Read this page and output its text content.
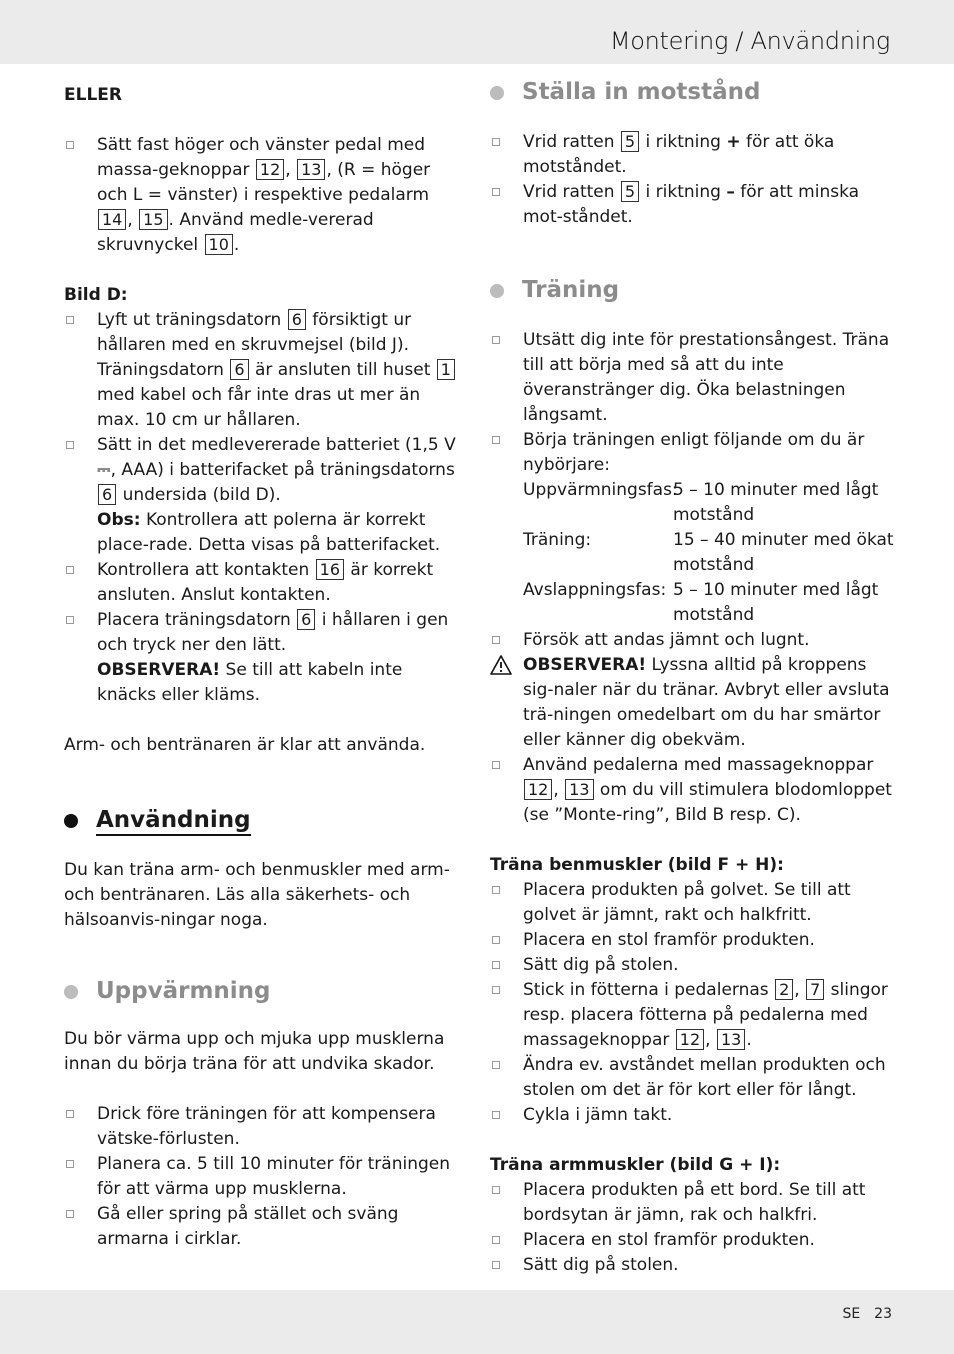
Montering / Användning
ELLER
Sätt fast höger och vänster pedal med massa-geknoppar 12 , 13 , (R = höger och L = vänster) i respektive pedalarm 14 , 15 . Använd medle-vererad skruvnyckel 10 .
Bild D:
Lyft ut träningsdatorn 6 försiktigt ur hållaren med en skruvmejsel (bild J). Träningsdatorn 6 är ansluten till huset 1 med kabel och får inte dras ut mer än max. 10 cm ur hållaren.
Sätt in det medlevererade batteriet (1,5 V ⎓, AAA) i batterifacket på träningsdatorns 6 undersida (bild D).
Obs: Kontrollera att polerna är korrekt place-rade. Detta visas på batterifacket.
Kontrollera att kontakten 16 är korrekt ansluten. Anslut kontakten.
Placera träningsdatorn 6 i hållaren i gen och tryck ner den lätt.
OBSERVERA! Se till att kabeln inte knäcks eller kläms.

Arm- och bentränaren är klar att använda.

Användning

Du kan träna arm- och benmuskler med arm- och bentränaren. Läs alla säkerhets- och hälsoanvis-ningar noga.

Uppvärmning

Du bör värma upp och mjuka upp musklerna innan du börja träna för att undvika skador.

Drick före träningen för att kompensera vätske-förlusten.
Planera ca. 5 till 10 minuter för träningen för att värma upp musklerna.
Gå eller spring på stället och sväng armarna i cirklar.
Ställa in motstånd
Vrid ratten 5 i riktning + för att öka motståndet.
Vrid ratten 5 i riktning – för att minska mot-ståndet.
Träning
Utsätt dig inte för prestationsångest. Träna till att börja med så att du inte överanstränger dig. Öka belastningen långsamt.
Börja träningen enligt följande om du är nybörjare:
Uppvärmningsfas:
5 – 10 minuter med lågt motstånd
Träning:	15 – 40 minuter med ökat motstånd
Avslappningsfas: 5 – 10 minuter med lågt motstånd
Försök att andas jämnt och lugnt.
OBSERVERA! Lyssna alltid på kroppens sig-naler när du tränar. Avbryt eller avsluta trä-ningen omedelbart om du har smärtor eller känner dig obekväm.
Använd pedalerna med massageknoppar 12 , 13 om du vill stimulera blodomloppet (se ”Monte-ring”, Bild B resp. C).
Träna benmuskler (bild F + H):
Placera produkten på golvet. Se till att golvet är jämnt, rakt och halkfritt.
Placera en stol framför produkten.
Sätt dig på stolen.
Stick in fötterna i pedalernas 2 , 7 slingor resp. placera fötterna på pedalerna med massageknoppar 12 , 13 .
Ändra ev. avståndet mellan produkten och stolen om det är för kort eller för långt.
Cykla i jämn takt.
Träna armmuskler (bild G + I):
Placera produkten på ett bord. Se till att bordsytan är jämn, rak och halkfri.
Placera en stol framför produkten.
Sätt dig på stolen.
SE 23
